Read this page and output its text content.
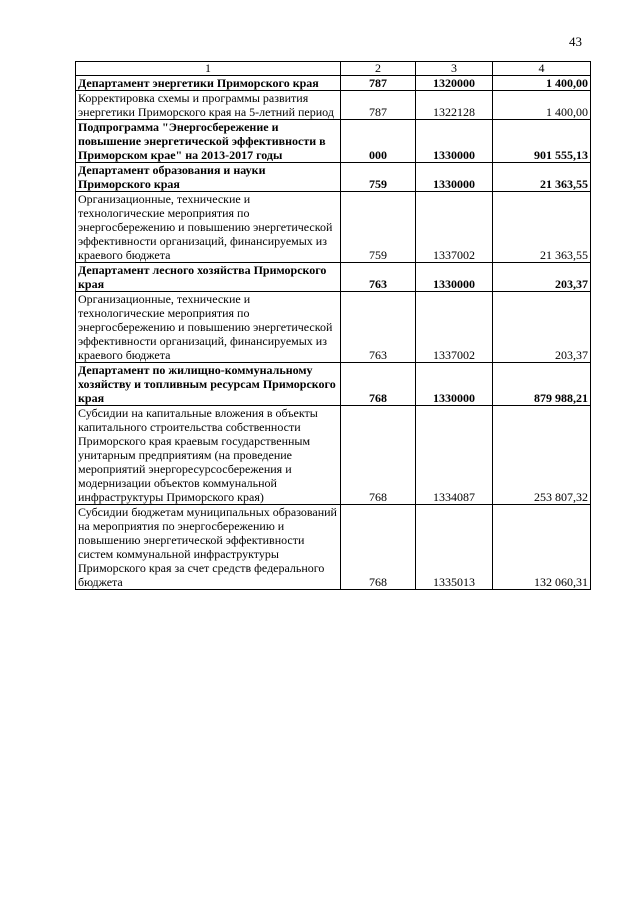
43
1	2	3	4
Департамент энергетики Приморского края	787	1320000	1 400,00
Корректировка схемы и программы развития энергетики Приморского края на 5-летний период	787	1322128	1 400,00
Подпрограмма "Энергосбережение и повышение энергетической эффективности в Приморском крае" на 2013-2017 годы	000	1330000	901 555,13
Департамент образования и науки Приморского края	759	1330000	21 363,55
Организационные, технические и технологические мероприятия по энергосбережению и повышению энергетической эффективности организаций, финансируемых из краевого бюджета	759	1337002	21 363,55
Департамент лесного хозяйства Приморского края	763	1330000	203,37
Организационные, технические и технологические мероприятия по энергосбережению и повышению энергетической эффективности организаций, финансируемых из краевого бюджета	763	1337002	203,37
Департамент по жилищно-коммунальному хозяйству и топливным ресурсам Приморского края	768	1330000	879 988,21
Субсидии на капитальные вложения в объекты капитального строительства собственности Приморского края краевым государственным унитарным предприятиям (на проведение мероприятий энергоресурсосбережения и модернизации объектов коммунальной инфраструктуры Приморского края)	768	1334087	253 807,32
Субсидии бюджетам муниципальных образований на мероприятия по энергосбережению и повышению энергетической эффективности систем коммунальной инфраструктуры Приморского края за счет средств федерального бюджета	768	1335013	132 060,31
